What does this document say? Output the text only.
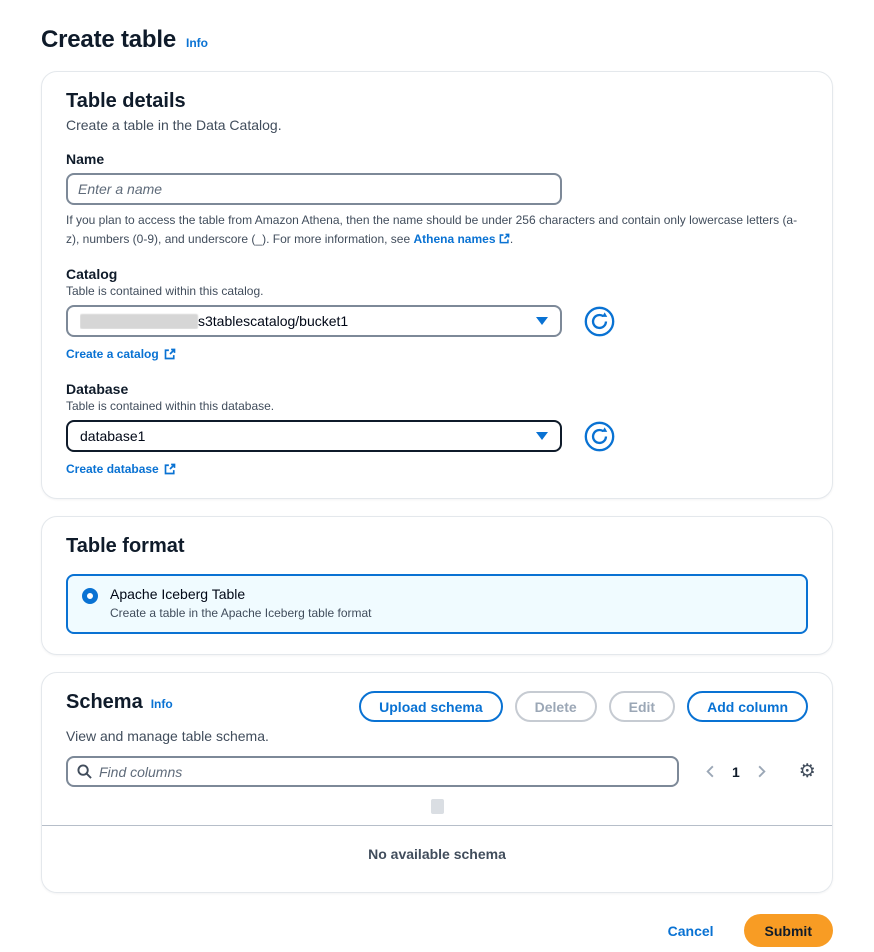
Create table Info
Table details
Create a table in the Data Catalog.
Name
Enter a name
If you plan to access the table from Amazon Athena, then the name should be under 256 characters and contain only lowercase letters (a-z), numbers (0-9), and underscore (_). For more information, see Athena names .
Catalog
Table is contained within this catalog.
s3tablescatalog/bucket1
Create a catalog
Database
Table is contained within this database.
database1
Create database
Table format
Apache Iceberg Table
Create a table in the Apache Iceberg table format
Schema Info	Upload schema	Delete	Edit	Add column
View and manage table schema.
Find columns
1	⚙
No available schema
Cancel	Submit
